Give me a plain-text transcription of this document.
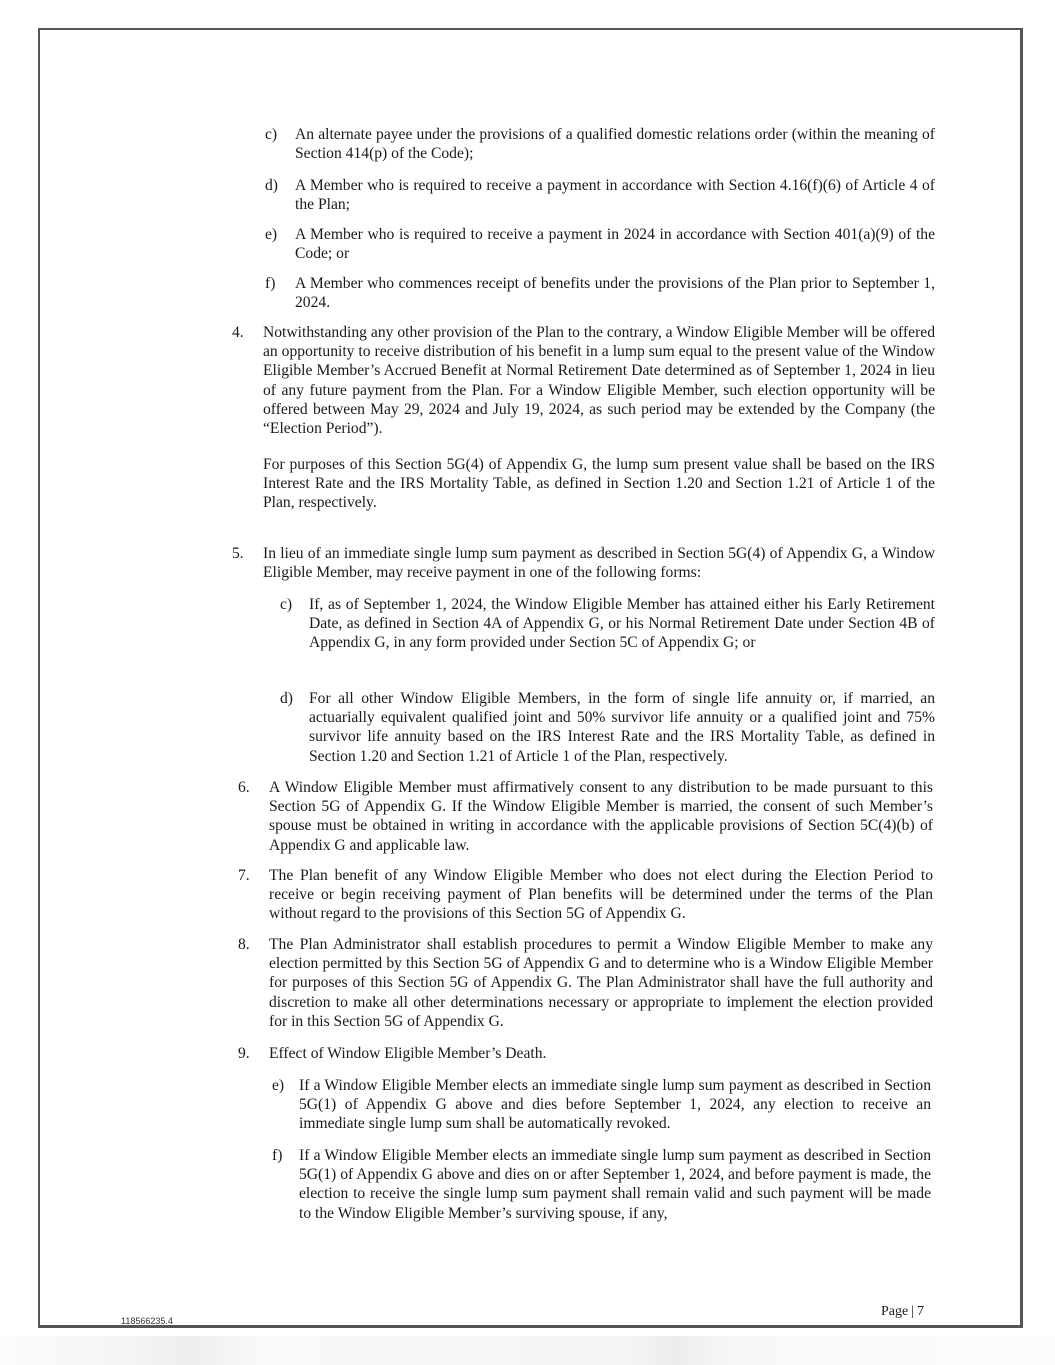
c) An alternate payee under the provisions of a qualified domestic relations order (within the meaning of Section 414(p) of the Code);
d) A Member who is required to receive a payment in accordance with Section 4.16(f)(6) of Article 4 of the Plan;
e) A Member who is required to receive a payment in 2024 in accordance with Section 401(a)(9) of the Code; or
f) A Member who commences receipt of benefits under the provisions of the Plan prior to September 1, 2024.
4. Notwithstanding any other provision of the Plan to the contrary, a Window Eligible Member will be offered an opportunity to receive distribution of his benefit in a lump sum equal to the present value of the Window Eligible Member’s Accrued Benefit at Normal Retirement Date determined as of September 1, 2024 in lieu of any future payment from the Plan. For a Window Eligible Member, such election opportunity will be offered between May 29, 2024 and July 19, 2024, as such period may be extended by the Company (the “Election Period”).
For purposes of this Section 5G(4) of Appendix G, the lump sum present value shall be based on the IRS Interest Rate and the IRS Mortality Table, as defined in Section 1.20 and Section 1.21 of Article 1 of the Plan, respectively.
5. In lieu of an immediate single lump sum payment as described in Section 5G(4) of Appendix G, a Window Eligible Member, may receive payment in one of the following forms:
c) If, as of September 1, 2024, the Window Eligible Member has attained either his Early Retirement Date, as defined in Section 4A of Appendix G, or his Normal Retirement Date under Section 4B of Appendix G, in any form provided under Section 5C of Appendix G; or
d) For all other Window Eligible Members, in the form of single life annuity or, if married, an actuarially equivalent qualified joint and 50% survivor life annuity or a qualified joint and 75% survivor life annuity based on the IRS Interest Rate and the IRS Mortality Table, as defined in Section 1.20 and Section 1.21 of Article 1 of the Plan, respectively.
6. A Window Eligible Member must affirmatively consent to any distribution to be made pursuant to this Section 5G of Appendix G. If the Window Eligible Member is married, the consent of such Member’s spouse must be obtained in writing in accordance with the applicable provisions of Section 5C(4)(b) of Appendix G and applicable law.
7. The Plan benefit of any Window Eligible Member who does not elect during the Election Period to receive or begin receiving payment of Plan benefits will be determined under the terms of the Plan without regard to the provisions of this Section 5G of Appendix G.
8. The Plan Administrator shall establish procedures to permit a Window Eligible Member to make any election permitted by this Section 5G of Appendix G and to determine who is a Window Eligible Member for purposes of this Section 5G of Appendix G. The Plan Administrator shall have the full authority and discretion to make all other determinations necessary or appropriate to implement the election provided for in this Section 5G of Appendix G.
9. Effect of Window Eligible Member’s Death.
e) If a Window Eligible Member elects an immediate single lump sum payment as described in Section 5G(1) of Appendix G above and dies before September 1, 2024, any election to receive an immediate single lump sum shall be automatically revoked.
f) If a Window Eligible Member elects an immediate single lump sum payment as described in Section 5G(1) of Appendix G above and dies on or after September 1, 2024, and before payment is made, the election to receive the single lump sum payment shall remain valid and such payment will be made to the Window Eligible Member’s surviving spouse, if any,
118566235.4
Page | 7
